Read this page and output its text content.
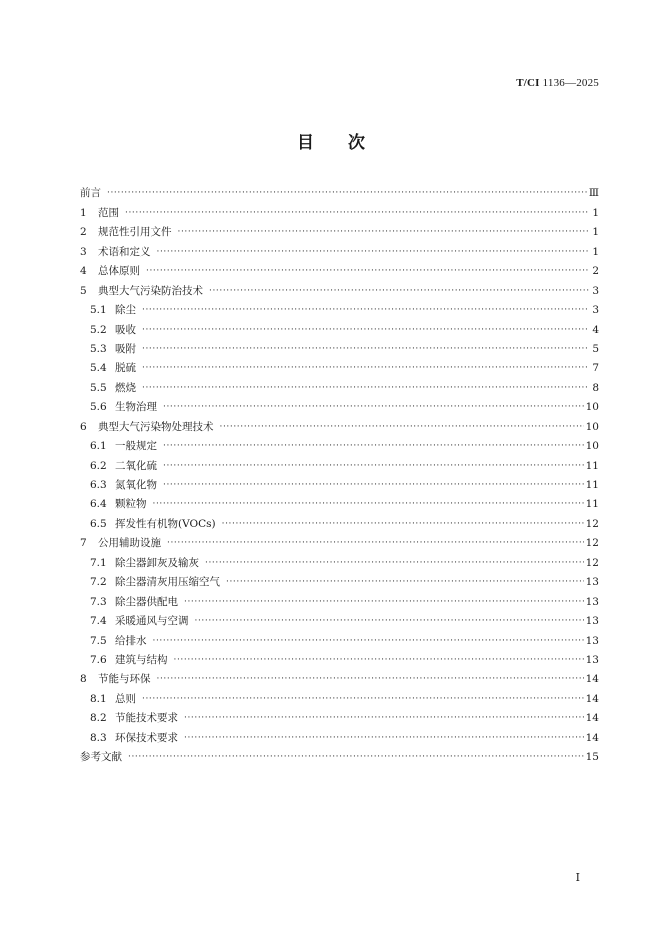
T/CI 1136—2025
目次
前言 ·····	Ⅲ
1	范围 ·····	1
2	规范性引用文件 ·····	1
3	术语和定义 ·····	1
4	总体原则 ·····	2
5	典型大气污染防治技术 ·····	3
5.1 除尘 ·····	3
5.2 吸收 ·····	4
5.3 吸附 ·····	5
5.4 脱硫 ·····	7
5.5 燃烧 ·····	8
5.6 生物治理 ·····	10
6	典型大气污染物处理技术 ·····	10
6.1 一般规定 ·····	10
6.2 二氧化硫 ·····	11
6.3 氮氧化物 ·····	11
6.4 颗粒物 ·····	11
6.5 挥发性有机物(VOCs) ·····	12
7	公用辅助设施 ·····	12
7.1 除尘器卸灰及输灰 ·····	12
7.2 除尘器清灰用压缩空气 ·····	13
7.3 除尘器供配电 ·····	13
7.4 采暖通风与空调 ·····	13
7.5 给排水 ·····	13
7.6 建筑与结构 ·····	13
8	节能与环保 ·····	14
8.1 总则 ·····	14
8.2 节能技术要求 ·····	14
8.3 环保技术要求 ·····	14
参考文献 ·····	15
I
